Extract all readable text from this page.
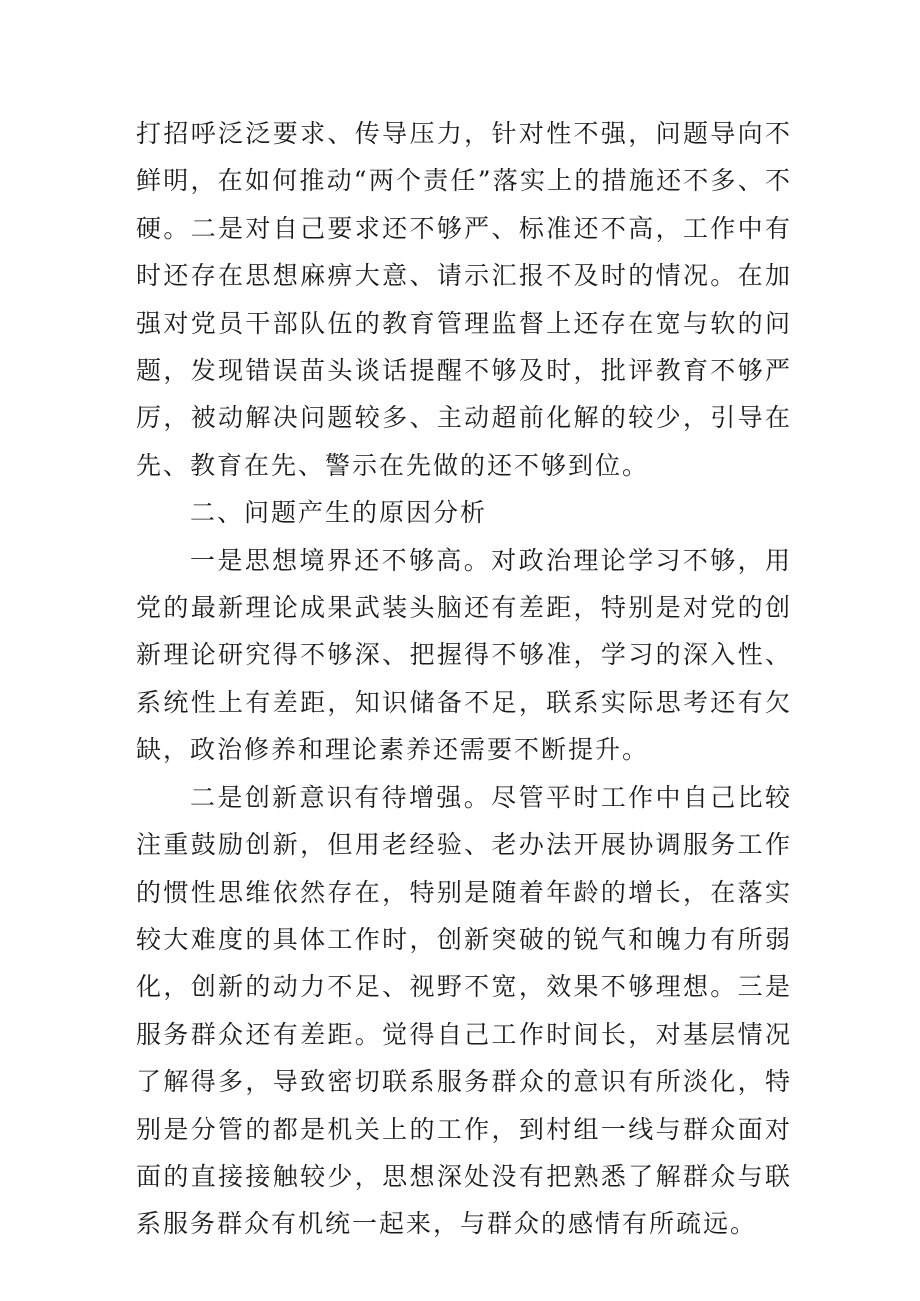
打招呼泛泛要求、传导压力，针对性不强，问题导向不鲜明，在如何推动“两个责任”落实上的措施还不多、不硬。二是对自己要求还不够严、标准还不高，工作中有时还存在思想麻痹大意、请示汇报不及时的情况。在加强对党员干部队伍的教育管理监督上还存在宽与软的问题，发现错误苗头谈话提醒不够及时，批评教育不够严厉，被动解决问题较多、主动超前化解的较少，引导在先、教育在先、警示在先做的还不够到位。

二、问题产生的原因分析

一是思想境界还不够高。对政治理论学习不够，用党的最新理论成果武装头脑还有差距，特别是对党的创新理论研究得不够深、把握得不够准，学习的深入性、系统性上有差距，知识储备不足，联系实际思考还有欠缺，政治修养和理论素养还需要不断提升。

二是创新意识有待增强。尽管平时工作中自己比较注重鼓励创新，但用老经验、老办法开展协调服务工作的惯性思维依然存在，特别是随着年龄的增长，在落实较大难度的具体工作时，创新突破的锐气和魄力有所弱化，创新的动力不足、视野不宽，效果不够理想。三是服务群众还有差距。觉得自己工作时间长，对基层情况了解得多，导致密切联系服务群众的意识有所淡化，特别是分管的都是机关上的工作，到村组一线与群众面对面的直接接触较少，思想深处没有把熟悉了解群众与联系服务群众有机统一起来，与群众的感情有所疏远。
